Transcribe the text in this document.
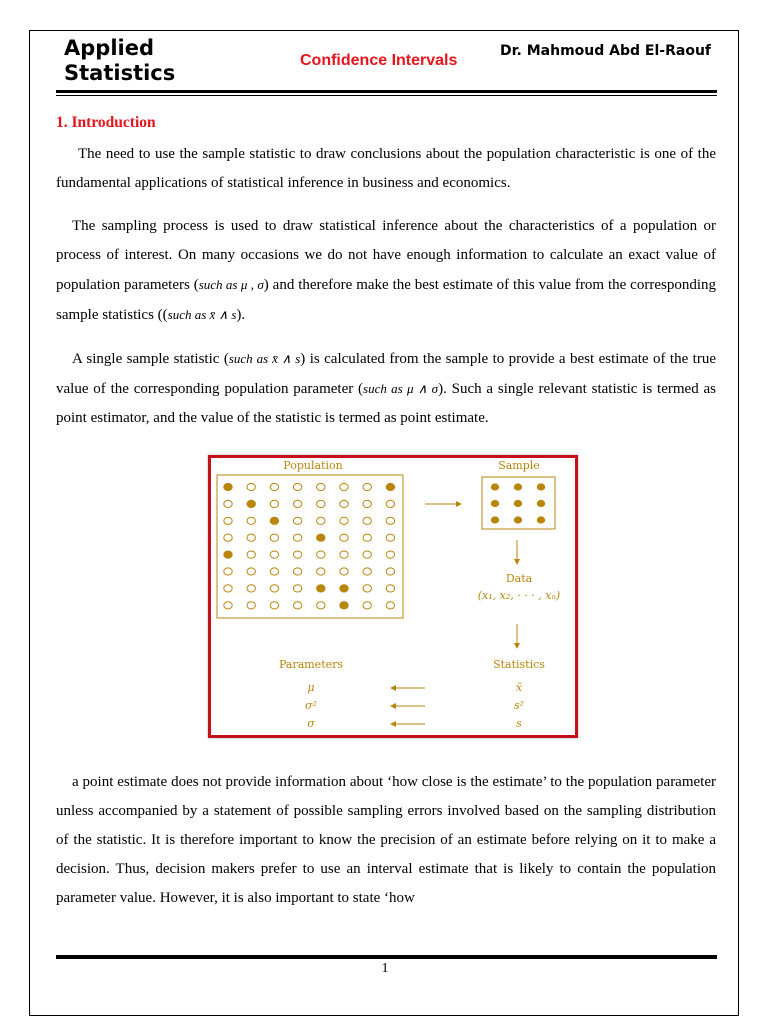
Applied Statistics
Confidence Intervals
Dr. Mahmoud Abd El-Raouf
1. Introduction

The need to use the sample statistic to draw conclusions about the population characteristic is one of the fundamental applications of statistical inference in business and economics.

The sampling process is used to draw statistical inference about the characteristics of a population or process of interest. On many occasions we do not have enough information to calculate an exact value of population parameters (such as μ , σ) and therefore make the best estimate of this value from the corresponding sample statistics ((such as x̄ ∧ s).

A single sample statistic (such as x̄ ∧ s) is calculated from the sample to provide a best estimate of the true value of the corresponding population parameter (such as μ ∧ σ). Such a single relevant statistic is termed as point estimator, and the value of the statistic is termed as point estimate.

Population	Sample
Data
(x₁, x₂, · · · , xₙ)
Parameters	Statistics
μ	x̄
σ²	s²
σ	s

a point estimate does not provide information about ‘how close is the estimate’ to the population parameter unless accompanied by a statement of possible sampling errors involved based on the sampling distribution of the statistic. It is therefore important to know the precision of an estimate before relying on it to make a decision. Thus, decision makers prefer to use an interval estimate that is likely to contain the population parameter value. However, it is also important to state ‘how

1
